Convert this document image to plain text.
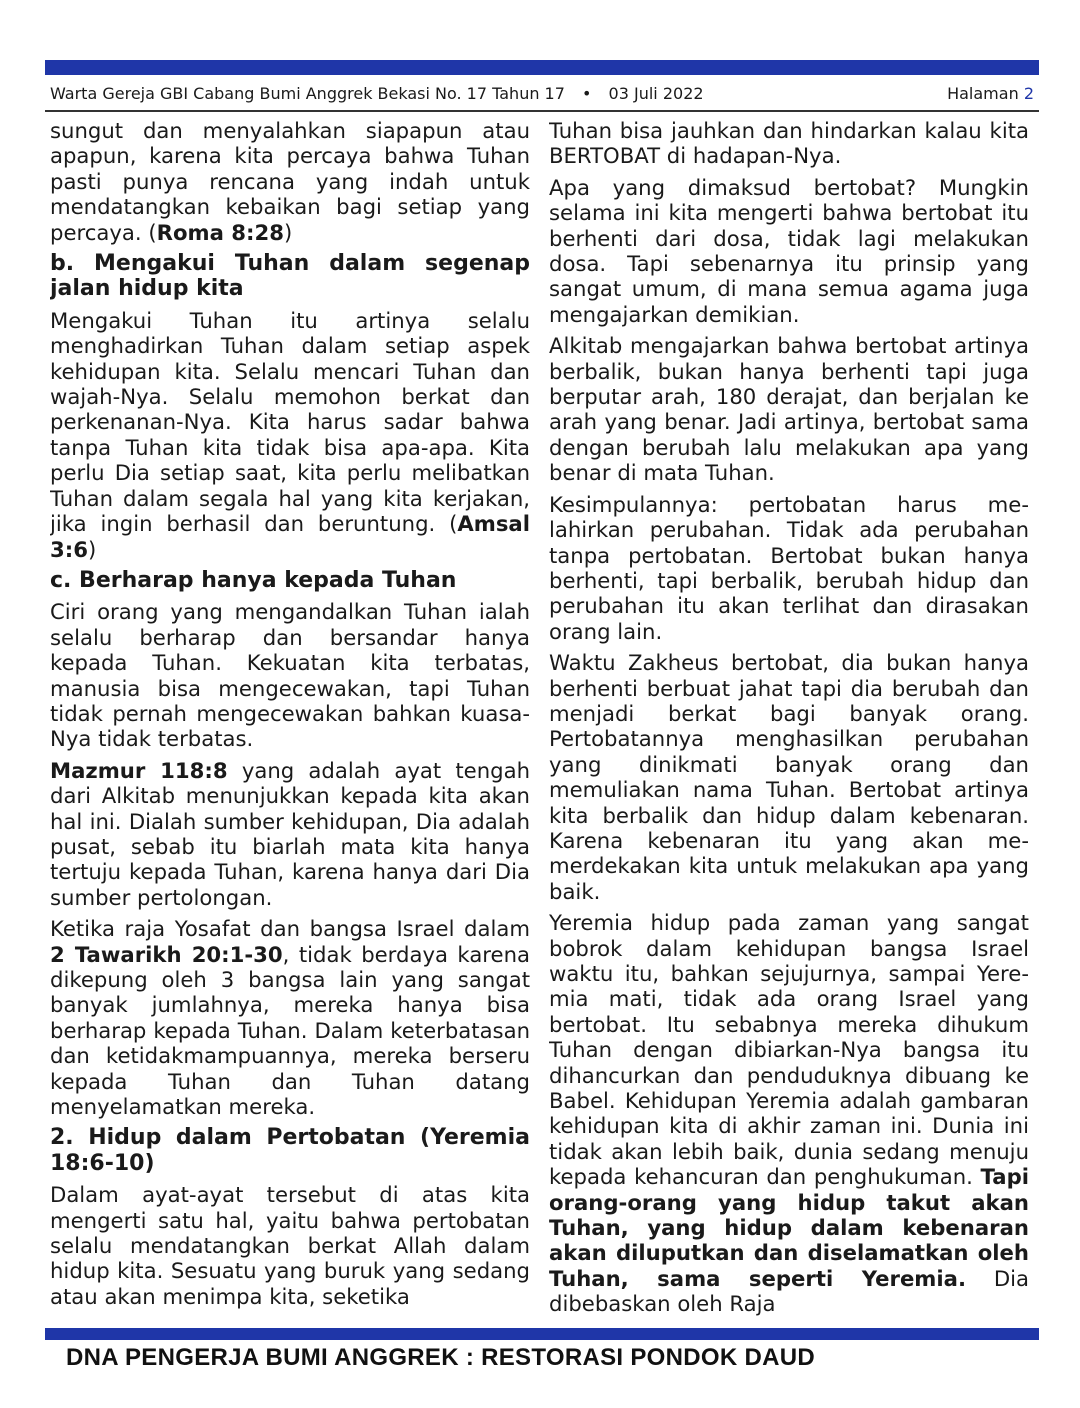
Warta Gereja GBI Cabang Bumi Anggrek Bekasi No. 17 Tahun 17 • 03 Juli 2022	Halaman 2

sungut dan menyalahkan siapapun atau apapun, karena kita percaya bahwa Tuhan pasti punya rencana yang indah untuk mendatangkan kebaikan bagi setiap yang percaya. (Roma 8:28)

b. Mengakui Tuhan dalam segenap jalan hidup kita

Mengakui Tuhan itu artinya selalu menghadirkan Tuhan dalam setiap aspek kehidupan kita. Selalu mencari Tuhan dan wajah-Nya. Selalu memohon berkat dan perkenanan-Nya. Kita harus sadar bahwa tanpa Tuhan kita tidak bisa apa-apa. Kita perlu Dia setiap saat, kita perlu melibatkan Tuhan dalam segala hal yang kita kerjakan, jika ingin berhasil dan beruntung. (Amsal 3:6)

c. Berharap hanya kepada Tuhan

Ciri orang yang mengandalkan Tuhan ialah selalu berharap dan bersandar hanya kepada Tuhan. Kekuatan kita terbatas, manusia bisa mengecewakan, tapi Tuhan tidak pernah mengecewakan bahkan kuasa-Nya tidak terbatas.

Mazmur 118:8 yang adalah ayat tengah dari Alkitab menunjukkan kepada kita akan hal ini. Dialah sumber kehidupan, Dia adalah pusat, sebab itu biarlah mata kita hanya tertuju kepada Tuhan, karena hanya dari Dia sumber pertolongan.

Ketika raja Yosafat dan bangsa Israel dalam 2 Tawarikh 20:1-30, tidak berdaya karena dikepung oleh 3 bangsa lain yang sangat banyak jumlahnya, mereka hanya bisa berharap kepada Tuhan. Dalam keterbatasan dan ketidakmampuannya, mereka berseru kepada Tuhan dan Tuhan datang menyelamatkan mereka.

2. Hidup dalam Pertobatan (Yeremia 18:6-10)

Dalam ayat-ayat tersebut di atas kita mengerti satu hal, yaitu bahwa pertobatan selalu mendatangkan berkat Allah dalam hidup kita. Sesuatu yang buruk yang sedang atau akan menimpa kita, seketika

Tuhan bisa jauhkan dan hindarkan kalau kita BERTOBAT di hadapan-Nya.

Apa yang dimaksud bertobat? Mungkin selama ini kita mengerti bahwa bertobat itu berhenti dari dosa, tidak lagi melakukan dosa. Tapi sebenarnya itu prinsip yang sangat umum, di mana semua agama juga mengajarkan demikian.

Alkitab mengajarkan bahwa bertobat artinya berbalik, bukan hanya berhenti tapi juga berputar arah, 180 derajat, dan berjalan ke arah yang benar. Jadi artinya, bertobat sama dengan berubah lalu melakukan apa yang benar di mata Tuhan.

Kesimpulannya: pertobatan harus melahirkan perubahan. Tidak ada perubahan tanpa pertobatan. Bertobat bukan hanya berhenti, tapi berbalik, berubah hidup dan perubahan itu akan terlihat dan dirasakan orang lain.

Waktu Zakheus bertobat, dia bukan hanya berhenti berbuat jahat tapi dia berubah dan menjadi berkat bagi banyak orang. Pertobatannya menghasilkan perubahan yang dinikmati banyak orang dan memuliakan nama Tuhan. Bertobat artinya kita berbalik dan hidup dalam kebenaran. Karena kebenaran itu yang akan memerdekakan kita untuk melakukan apa yang baik.

Yeremia hidup pada zaman yang sangat bobrok dalam kehidupan bangsa Israel waktu itu, bahkan sejujurnya, sampai Yeremia mati, tidak ada orang Israel yang bertobat. Itu sebabnya mereka dihukum Tuhan dengan dibiarkan-Nya bangsa itu dihancurkan dan penduduknya dibuang ke Babel. Kehidupan Yeremia adalah gambaran kehidupan kita di akhir zaman ini. Dunia ini tidak akan lebih baik, dunia sedang menuju kepada kehancuran dan penghukuman. Tapi orang-orang yang hidup takut akan Tuhan, yang hidup dalam kebenaran akan diluputkan dan diselamatkan oleh Tuhan, sama seperti Yeremia. Dia dibebaskan oleh Raja

DNA PENGERJA BUMI ANGGREK : RESTORASI PONDOK DAUD
